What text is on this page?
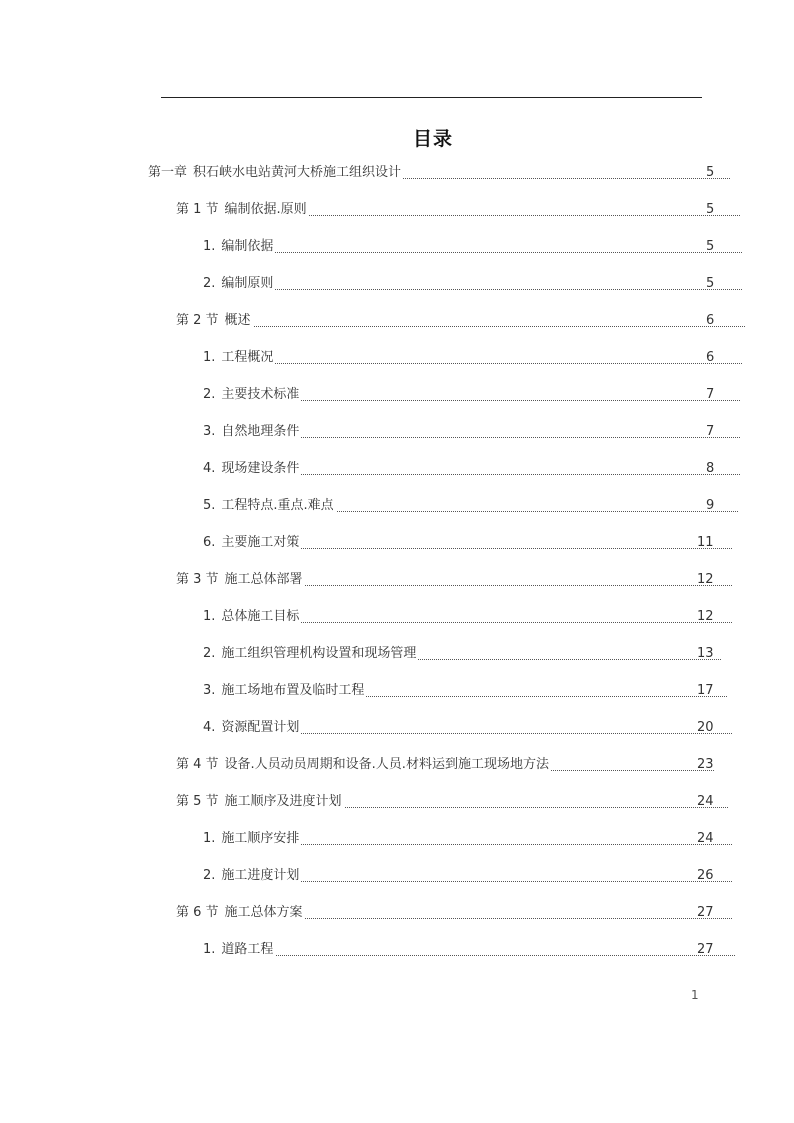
目录
第一章 积石峡水电站黄河大桥施工组织设计	5
第 1 节 编制依据.原则	5
1. 编制依据	5
2. 编制原则	5
第 2 节 概述	6
1. 工程概况	6
2. 主要技术标准	7
3. 自然地理条件	7
4. 现场建设条件	8
5. 工程特点.重点.难点	9
6. 主要施工对策	11
第 3 节 施工总体部署	12
1. 总体施工目标	12
2. 施工组织管理机构设置和现场管理	13
3. 施工场地布置及临时工程	17
4. 资源配置计划	20
第 4 节 设备.人员动员周期和设备.人员.材料运到施工现场地方法	23
第 5 节 施工顺序及进度计划	24
1. 施工顺序安排	24
2. 施工进度计划	26
第 6 节 施工总体方案	27
1. 道路工程	27
1
